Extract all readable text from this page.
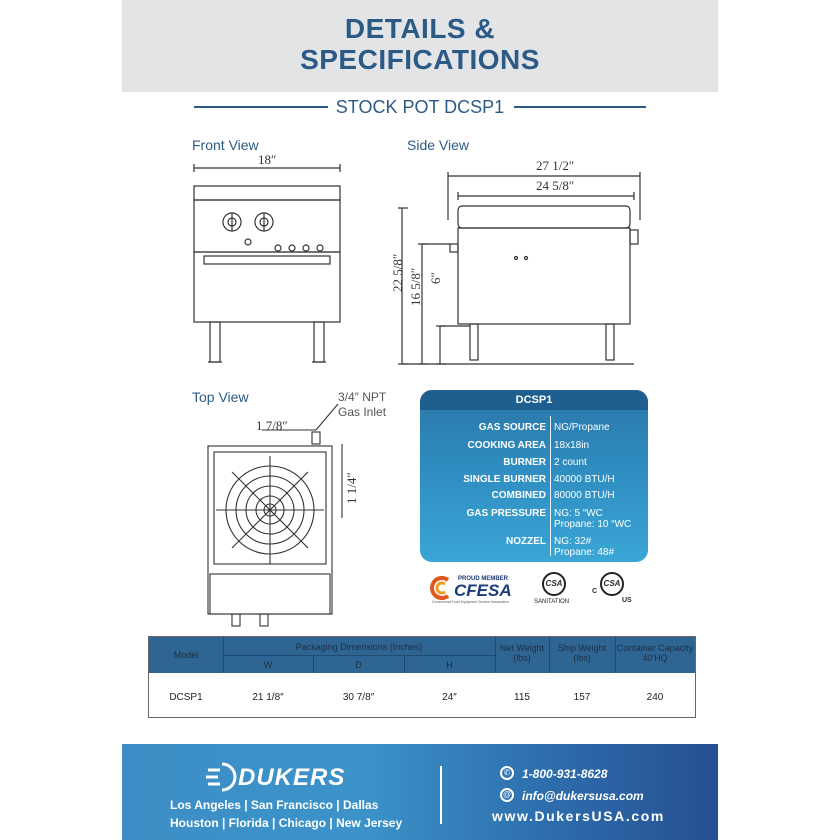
DETAILS &
SPECIFICATIONS
STOCK POT DCSP1
Front View
18″
Side View
27 1/2″
24 5/8″
22 5/8″ 16 5/8″ 6″
Top View	3/4″ NPT
Gas Inlet
1 7/8″
1 1/4″
DCSP1
GAS SOURCE NG/Propane
COOKING AREA 18x18in
BURNER 2 count
SINGLE BURNER 40000 BTU/H
COMBINED 80000 BTU/H
GAS PRESSURE NG: 5 “WC
Propane: 10 “WC
NOZZEL NG: 32#
Propane: 48#
PROUD MEMBER
CFESA
Commercial Food Equipment Service Association
CSA
SANITATION
C
CSA
US
Model
Packaging Dimensions (Inches)
W	D	H
Net Weight
(lbs)
Ship Weight
(lbs)
Container Capacity
40'HQ
DCSP1	21 1/8″	30 7/8″	24″	115	157	240
DUKERS
Los Angeles | San Francisco | Dallas
Houston | Florida | Chicago | New Jersey
✆ 1-800-931-8628
@ info@dukersusa.com
www.DukersUSA.com
